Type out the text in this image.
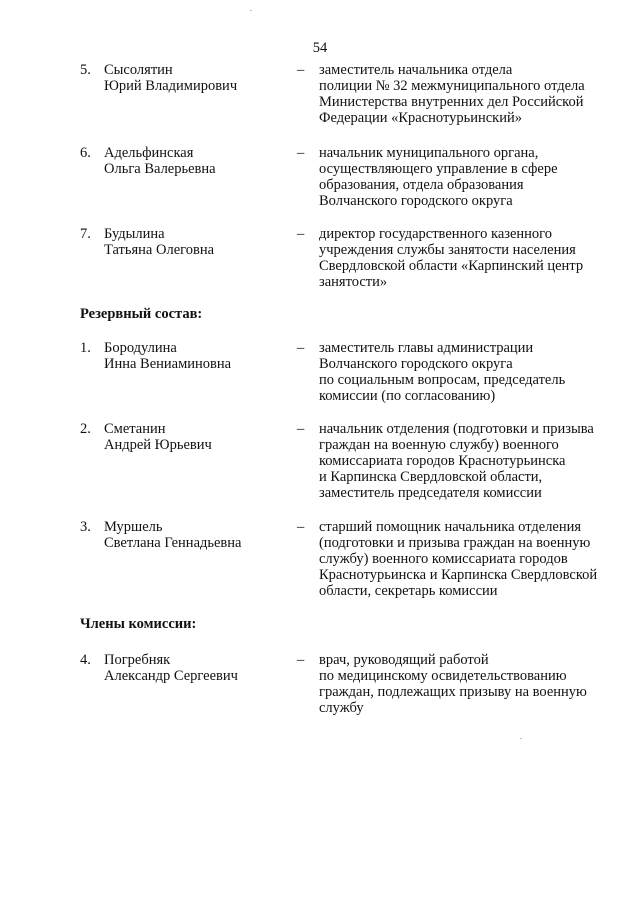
54
5. Сысолятин
Юрий Владимирович
–	заместитель начальника отдела
полиции № 32 межмуниципального отдела
Министерства внутренних дел Российской
Федерации «Краснотурьинский»
6. Адельфинская
Ольга Валерьевна
–	начальник муниципального органа,
осуществляющего управление в сфере
образования, отдела образования
Волчанского городского округа
7. Будылина
Татьяна Олеговна
–	директор государственного казенного
учреждения службы занятости населения
Свердловской области «Карпинский центр
занятости»
Резервный состав:
1. Бородулина
Инна Вениаминовна
–	заместитель главы администрации
Волчанского городского округа
по социальным вопросам, председатель
комиссии (по согласованию)
2. Сметанин
Андрей Юрьевич
–	начальник отделения (подготовки и призыва
граждан на военную службу) военного
комиссариата городов Краснотурьинска
и Карпинска Свердловской области,
заместитель председателя комиссии
3. Муршель
Светлана Геннадьевна
–	старший помощник начальника отделения
(подготовки и призыва граждан на военную
службу) военного комиссариата городов
Краснотурьинска и Карпинска Свердловской
области, секретарь комиссии
Члены комиссии:
4. Погребняк
Александр Сергеевич
–	врач, руководящий работой
по медицинскому освидетельствованию
граждан, подлежащих призыву на военную
службу
